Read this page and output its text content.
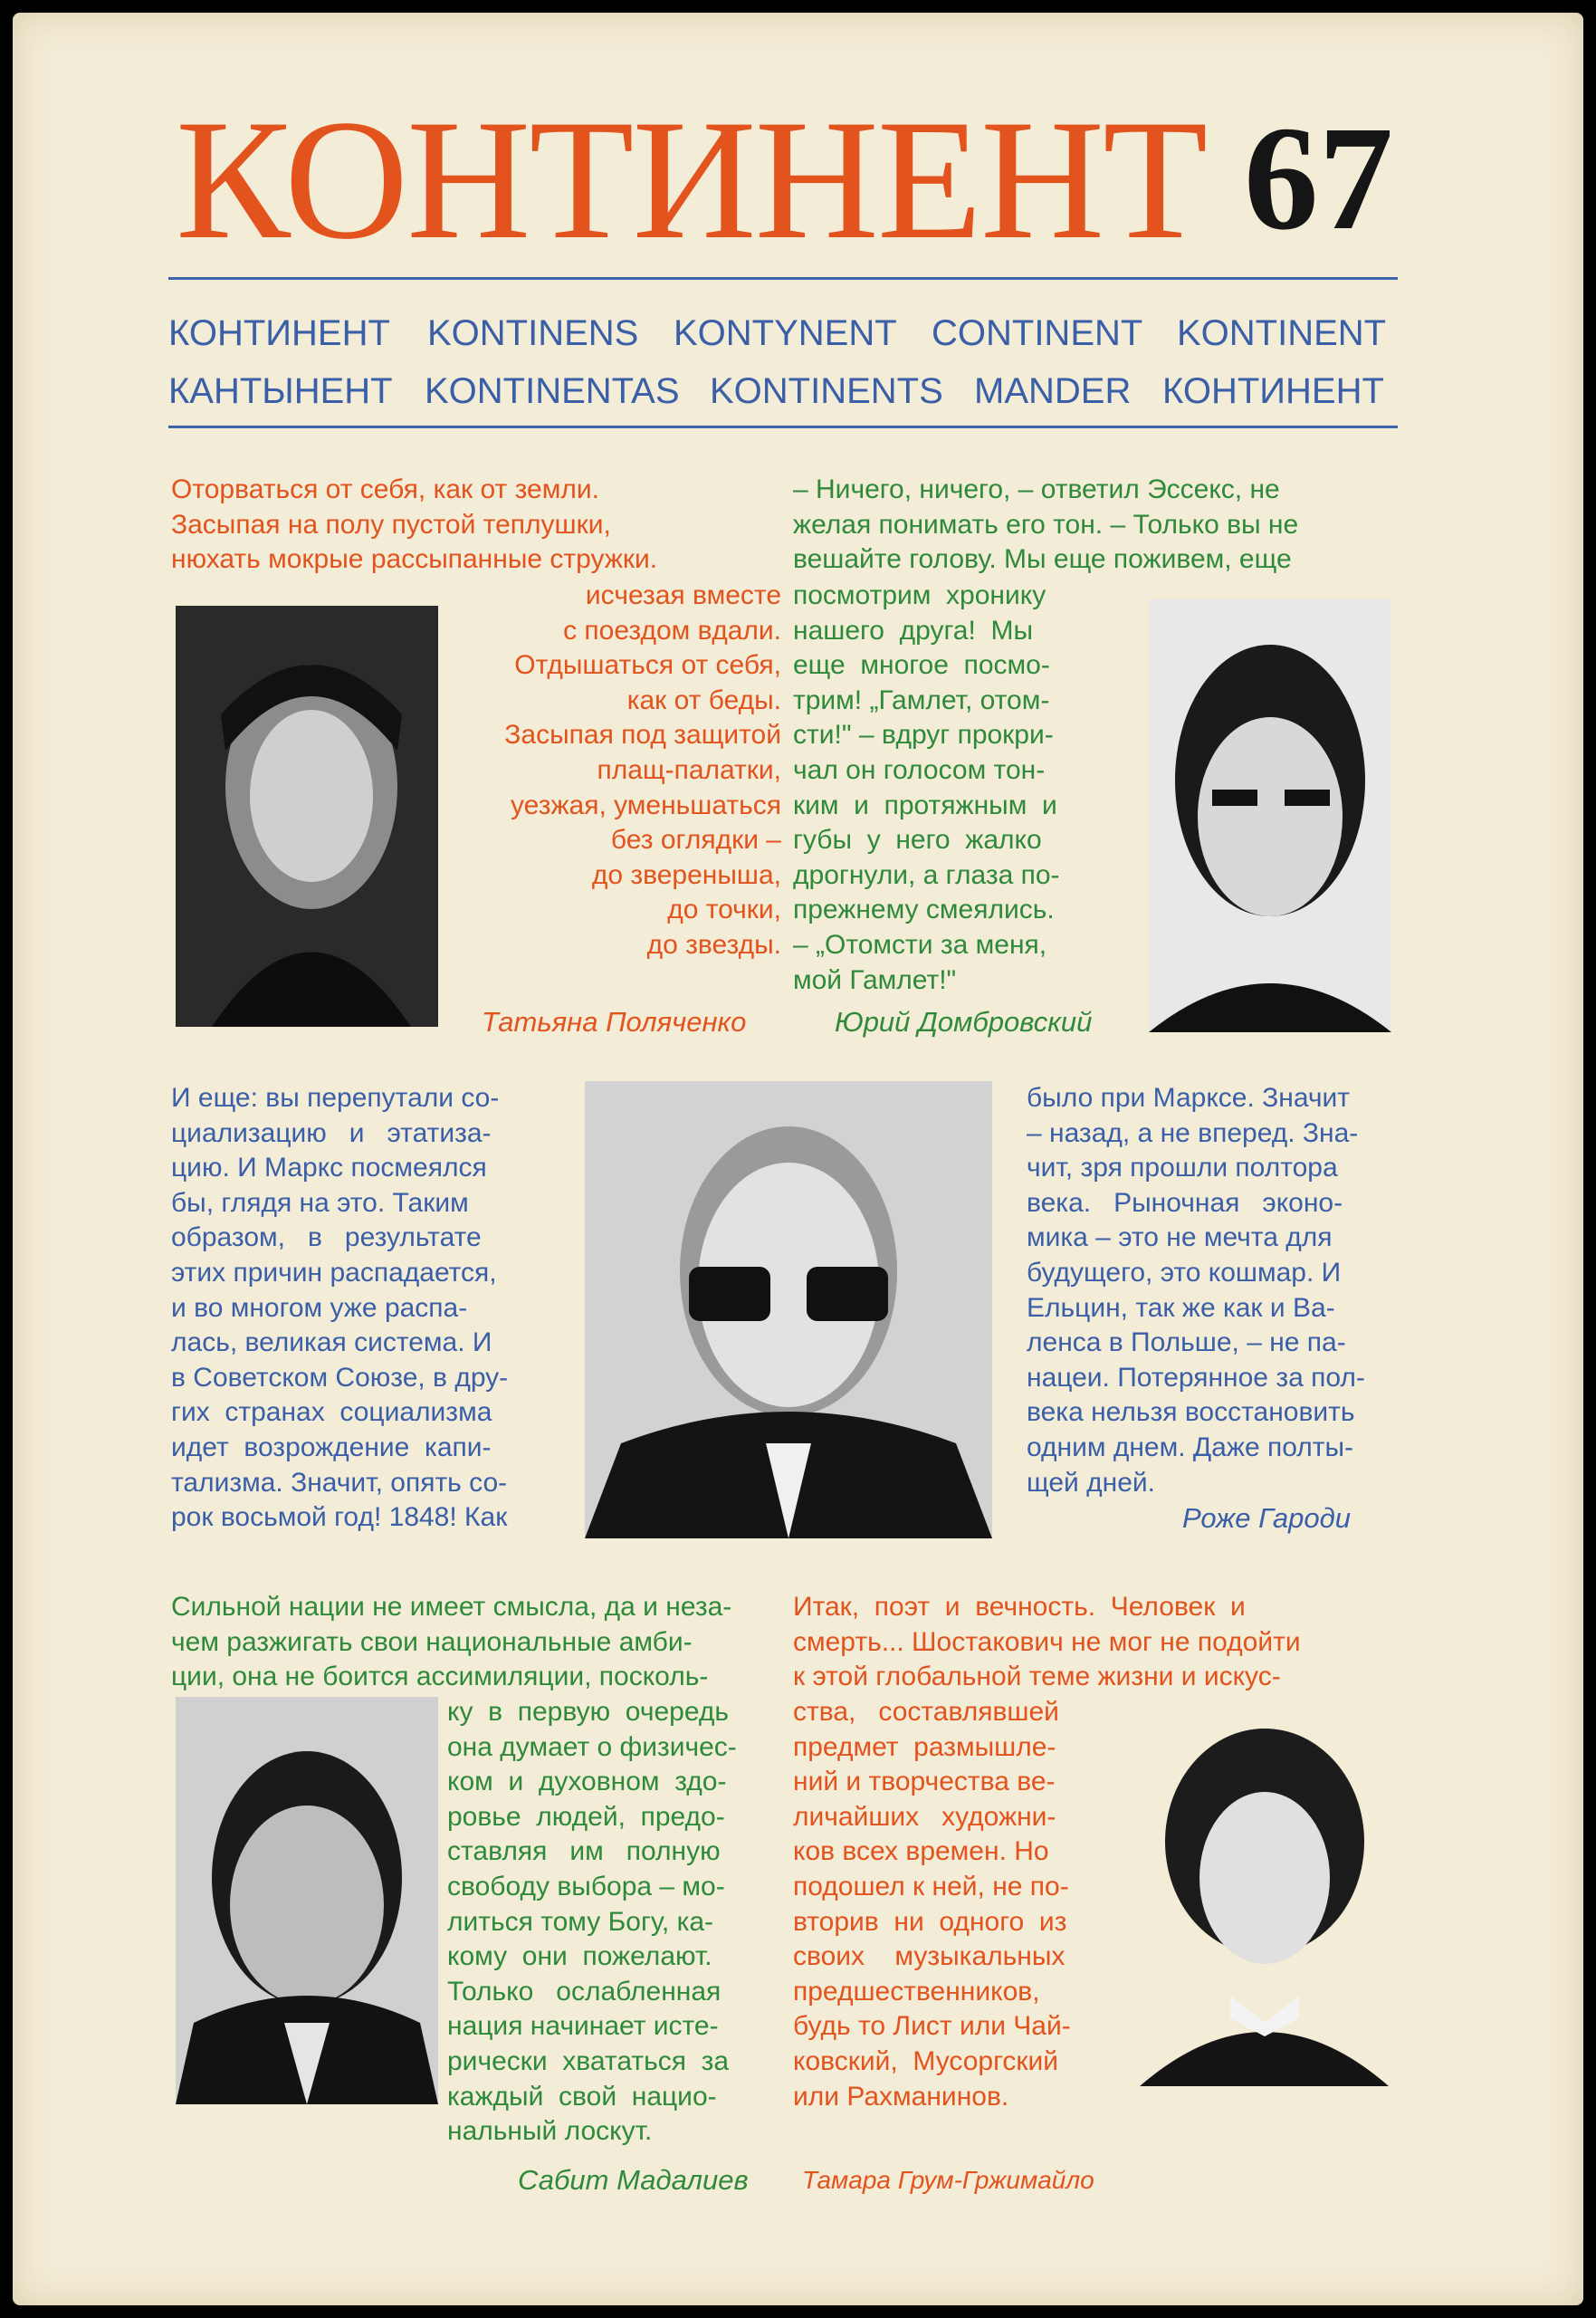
КОНТИНЕНТ 67
КОНТИНЕНТ KONTINENS KONTYNENT CONTINENT KONTINENT
КАНТЫНЕНТ KONTINENTAS KONTINENTS MANDER КОНТИНЕНТ
Оторваться от себя, как от земли.
Засыпая на полу пустой теплушки,
нюхать мокрые рассыпанные стружки.
исчезая вместе
с поездом вдали.
Отдышаться от себя,
как от беды.
Засыпая под защитой
плащ-палатки,
уезжая, уменьшаться
без оглядки –
до звереныша,
до точки,
до звезды.
Татьяна Поляченко
– Ничего, ничего, – ответил Эссекс, не
желая понимать его тон. – Только вы не
вешайте голову. Мы еще поживем, еще
посмотрим  хронику
нашего  друга!  Мы
еще  многое  посмо-
трим! „Гамлет, отом-
сти!" – вдруг прокри-
чал он голосом тон-
ким  и  протяжным  и
губы  у  него  жалко
дрогнули, а глаза по-
прежнему смеялись.
– „Отомсти за меня,
мой Гамлет!"
Юрий Домбровский
И еще: вы перепутали со-
циализацию   и   этатиза-
цию. И Маркс посмеялся
бы, глядя на это. Таким
образом,   в   результате
этих причин распадается,
и во многом уже распа-
лась, великая система. И
в Советском Союзе, в дру-
гих  странах  социализма
идет  возрождение  капи-
тализма. Значит, опять со-
рок восьмой год! 1848! Как
было при Марксе. Значит
– назад, а не вперед. Зна-
чит, зря прошли полтора
века.   Рыночная   эконо-
мика – это не мечта для
будущего, это кошмар. И
Ельцин, так же как и Ва-
ленса в Польше, – не па-
нацеи. Потерянное за пол-
века нельзя восстановить
одним днем. Даже полты-
щей дней.
Роже Гароди
Сильной нации не имеет смысла, да и неза-
чем разжигать свои национальные амби-
ции, она не боится ассимиляции, посколь-
ку  в  первую  очередь
она думает о физичес-
ком  и  духовном  здо-
ровье  людей,  предо-
ставляя   им   полную
свободу выбора – мо-
литься тому Богу, ка-
кому  они  пожелают.
Только   ослабленная
нация начинает исте-
рически  хвататься  за
каждый  свой  нацио-
нальный лоскут.
Сабит Мадалиев
Итак,  поэт  и  вечность.  Человек  и
смерть... Шостакович не мог не подойти
к этой глобальной теме жизни и искус-
ства,   составлявшей
предмет  размышле-
ний и творчества ве-
личайших   художни-
ков всех времен. Но
подошел к ней, не по-
вторив  ни  одного  из
своих    музыкальных
предшественников,
будь то Лист или Чай-
ковский,  Мусоргский
или Рахманинов.
Тамара Грум-Гржимайло
